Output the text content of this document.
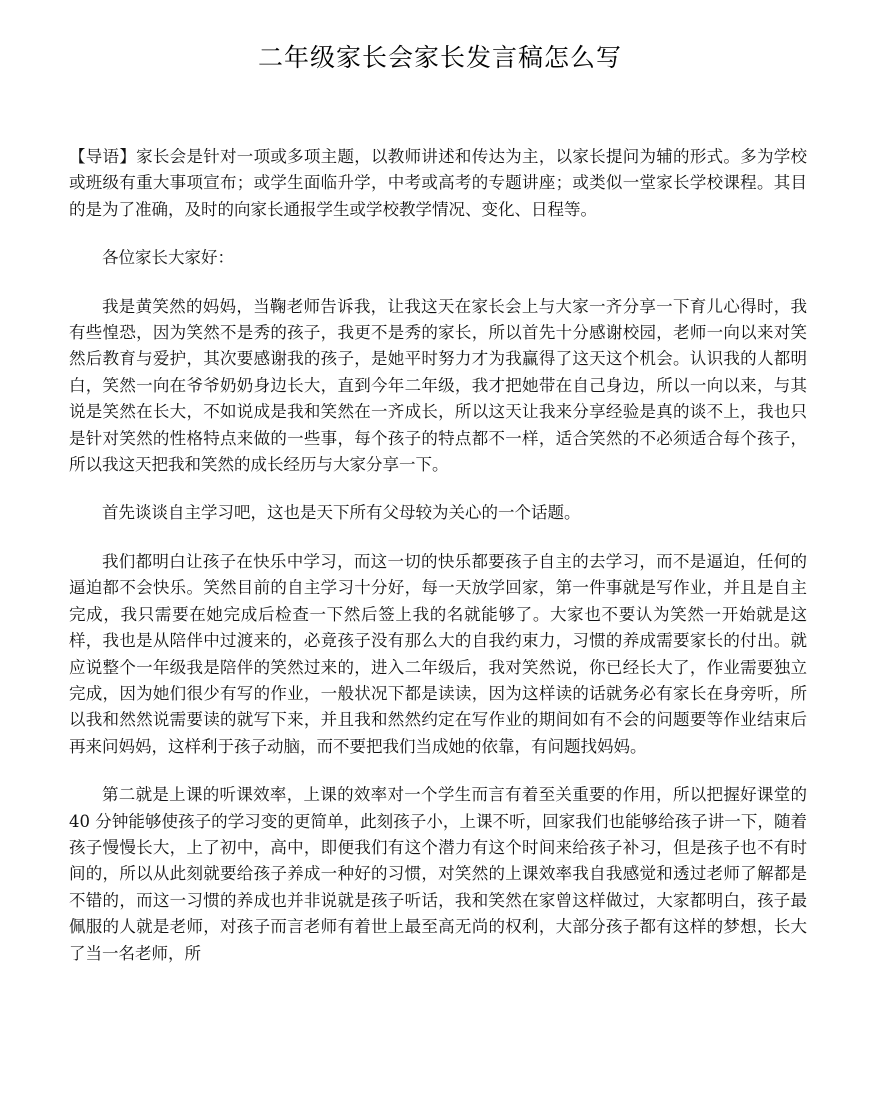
二年级家长会家长发言稿怎么写

【导语】家长会是针对一项或多项主题，以教师讲述和传达为主，以家长提问为辅的形式。多为学校或班级有重大事项宣布；或学生面临升学，中考或高考的专题讲座；或类似一堂家长学校课程。其目的是为了准确，及时的向家长通报学生或学校教学情况、变化、日程等。

各位家长大家好：

我是黄笑然的妈妈，当鞠老师告诉我，让我这天在家长会上与大家一齐分享一下育儿心得时，我有些惶恐，因为笑然不是秀的孩子，我更不是秀的家长，所以首先十分感谢校园，老师一向以来对笑然后教育与爱护，其次要感谢我的孩子，是她平时努力才为我赢得了这天这个机会。认识我的人都明白，笑然一向在爷爷奶奶身边长大，直到今年二年级，我才把她带在自己身边，所以一向以来，与其说是笑然在长大，不如说成是我和笑然在一齐成长，所以这天让我来分享经验是真的谈不上，我也只是针对笑然的性格特点来做的一些事，每个孩子的特点都不一样，适合笑然的不必须适合每个孩子，所以我这天把我和笑然的成长经历与大家分享一下。

首先谈谈自主学习吧，这也是天下所有父母较为关心的一个话题。

我们都明白让孩子在快乐中学习，而这一切的快乐都要孩子自主的去学习，而不是逼迫，任何的逼迫都不会快乐。笑然目前的自主学习十分好，每一天放学回家，第一件事就是写作业，并且是自主完成，我只需要在她完成后检查一下然后签上我的名就能够了。大家也不要认为笑然一开始就是这样，我也是从陪伴中过渡来的，必竟孩子没有那么大的自我约束力，习惯的养成需要家长的付出。就应说整个一年级我是陪伴的笑然过来的，进入二年级后，我对笑然说，你已经长大了，作业需要独立完成，因为她们很少有写的作业，一般状况下都是读读，因为这样读的话就务必有家长在身旁听，所以我和然然说需要读的就写下来，并且我和然然约定在写作业的期间如有不会的问题要等作业结束后再来问妈妈，这样利于孩子动脑，而不要把我们当成她的依靠，有问题找妈妈。

第二就是上课的听课效率，上课的效率对一个学生而言有着至关重要的作用，所以把握好课堂的 40 分钟能够使孩子的学习变的更简单，此刻孩子小，上课不听，回家我们也能够给孩子讲一下，随着孩子慢慢长大，上了初中，高中，即便我们有这个潜力有这个时间来给孩子补习，但是孩子也不有时间的，所以从此刻就要给孩子养成一种好的习惯，对笑然的上课效率我自我感觉和透过老师了解都是不错的，而这一习惯的养成也并非说就是孩子听话，我和笑然在家曾这样做过，大家都明白，孩子最佩服的人就是老师，对孩子而言老师有着世上最至高无尚的权利，大部分孩子都有这样的梦想，长大了当一名老师，所
